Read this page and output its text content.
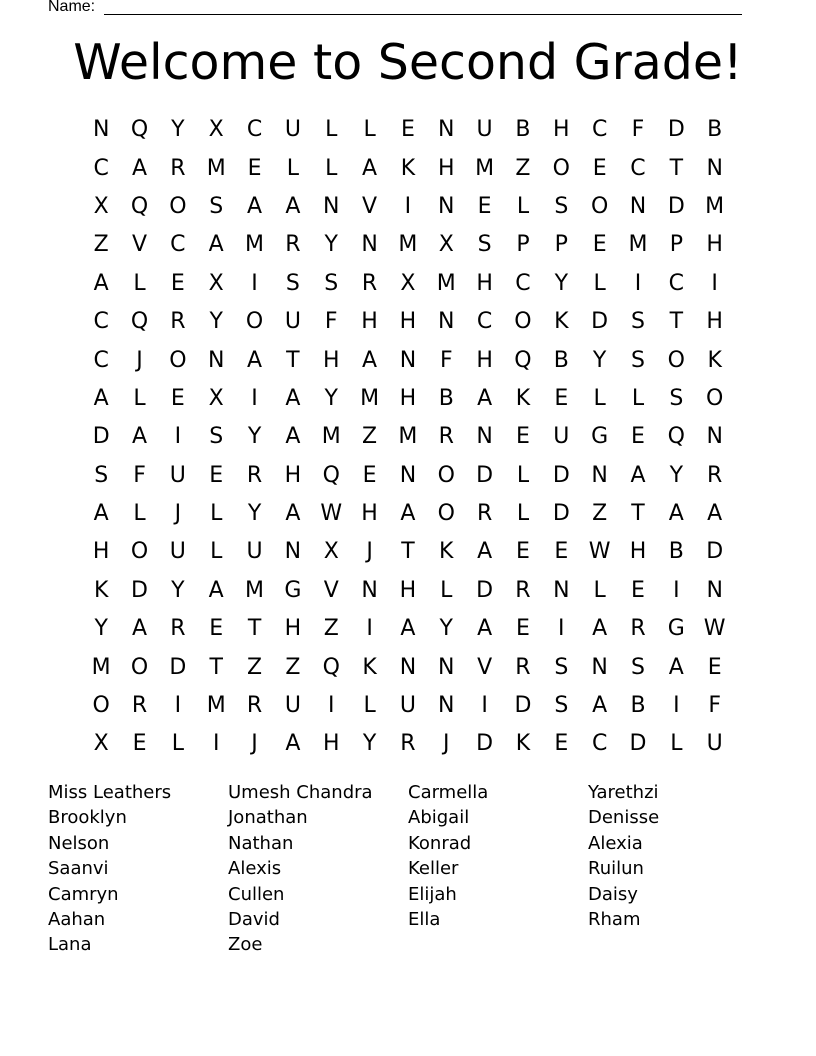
Name:
Welcome to Second Grade!
N Q	Y	X	C	U	L	L	E	N	U	B	H	C	F	D	B
C	A	R M E	L	L	A	K	H M Z	O	E	C	T	N
X	Q O	S	A	A	N	V	I	N	E	L	S	O N D M
Z	V	C	A M R	Y	N M X	S	P	P	E M	P	H
A	L	E	X	I	S	S	R	X M H	C	Y	L	I	C	I
C Q	R	Y	O U	F	H H N	C O	K	D	S	T	H
C	J	O N	A	T	H	A	N	F	H Q	B	Y	S	O	K
A	L	E	X	I	A	Y	M H	B	A	K	E	L	L	S	O
D	A	I	S	Y	A M Z M R	N	E	U G	E	Q N
S	F	U	E	R	H Q	E	N O D	L	D N	A	Y	R
A	L	J	L	Y	A W H	A	O	R	L	D	Z	T	A	A
H O U	L	U	N	X	J	T	K	A	E	E W H	B	D
K	D	Y	A M G	V	N H	L	D	R	N	L	E	I	N
Y	A	R	E	T	H	Z	I	A	Y	A	E	I	A	R	G W
M O D	T	Z	Z	Q	K	N N	V	R	S	N	S	A	E
O	R	I	M R	U	I	L	U	N	I	D	S	A	B	I	F
X	E	L	I	J	A	H	Y	R	J	D	K	E	C	D	L	U
Miss Leathers
Brooklyn
Nelson
Saanvi
Camryn
Aahan
Lana
Umesh Chandra
Jonathan
Nathan
Alexis
Cullen
David
Zoe
Carmella
Abigail
Konrad
Keller
Elijah
Ella
Yarethzi
Denisse
Alexia
Ruilun
Daisy
Rham
